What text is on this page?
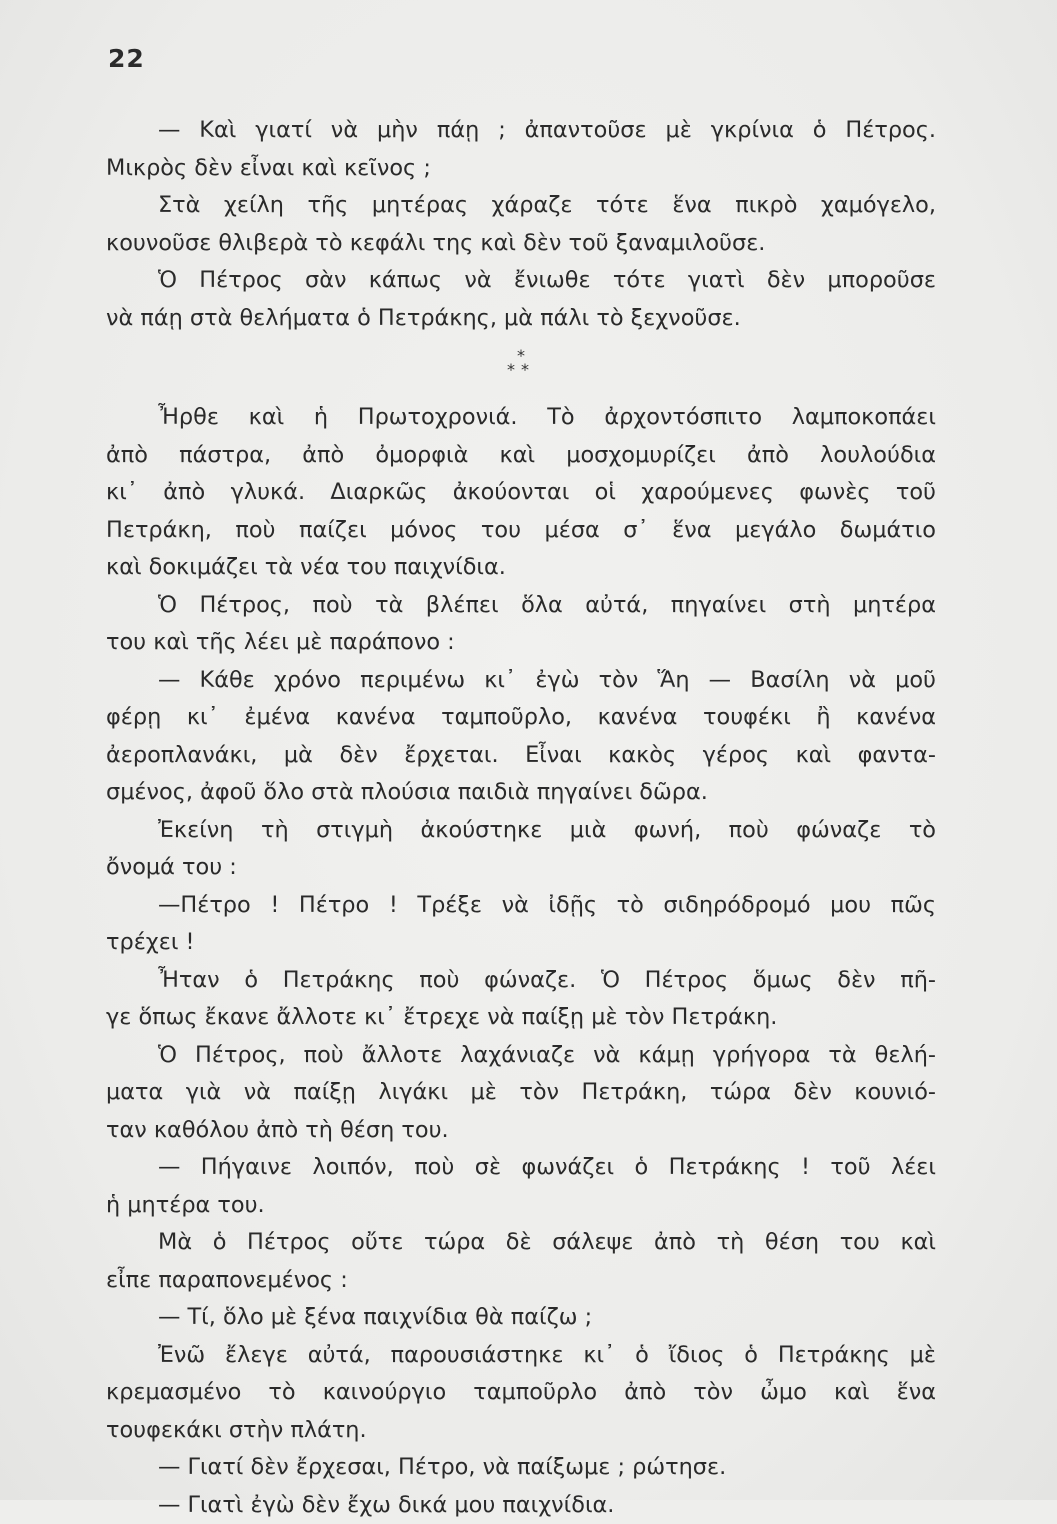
22
— Καὶ γιατί νὰ μὴν πάῃ ; ἀπαντοῦσε μὲ γκρίνια ὁ Πέτρος.
Μικρὸς δὲν εἶναι καὶ κεῖνος ;
Στὰ χείλη τῆς μητέρας χάραζε τότε ἕνα πικρὸ χαμόγελο,
κουνοῦσε θλιβερὰ τὸ κεφάλι της καὶ δὲν τοῦ ξαναμιλοῦσε.
Ὁ Πέτρος σὰν κάπως νὰ ἔνιωθε τότε γιατὶ δὲν μποροῦσε
νὰ πάῃ στὰ θελήματα ὁ Πετράκης, μὰ πάλι τὸ ξεχνοῦσε.
*
**
Ἦρθε καὶ ἡ Πρωτοχρονιά. Τὸ ἀρχοντόσπιτο λαμποκοπάει
ἀπὸ πάστρα, ἀπὸ ὀμορφιὰ καὶ μοσχομυρίζει ἀπὸ λουλούδια
κι᾿ ἀπὸ γλυκά. Διαρκῶς ἀκούονται οἱ χαρούμενες φωνὲς τοῦ
Πετράκη, ποὺ παίζει μόνος του μέσα σ᾿ ἕνα μεγάλο δωμάτιο
καὶ δοκιμάζει τὰ νέα του παιχνίδια.
Ὁ Πέτρος, ποὺ τὰ βλέπει ὅλα αὐτά, πηγαίνει στὴ μητέρα
του καὶ τῆς λέει μὲ παράπονο :
— Κάθε χρόνο περιμένω κι᾿ ἐγὼ τὸν Ἅη — Βασίλη νὰ μοῦ
φέρῃ κι᾿ ἐμένα κανένα ταμποῦρλο, κανένα τουφέκι ἢ κανένα
ἀεροπλανάκι, μὰ δὲν ἔρχεται. Εἶναι κακὸς γέρος καὶ φαντα-
σμένος, ἀφοῦ ὅλο στὰ πλούσια παιδιὰ πηγαίνει δῶρα.
Ἐκείνη τὴ στιγμὴ ἀκούστηκε μιὰ φωνή, ποὺ φώναζε τὸ
ὄνομά του :
—Πέτρο ! Πέτρο ! Τρέξε νὰ ἰδῇς τὸ σιδηρόδρομό μου πῶς
τρέχει !
Ἦταν ὁ Πετράκης ποὺ φώναζε. Ὁ Πέτρος ὅμως δὲν πῆ-
γε ὅπως ἔκανε ἄλλοτε κι᾿ ἔτρεχε νὰ παίξῃ μὲ τὸν Πετράκη.
Ὁ Πέτρος, ποὺ ἄλλοτε λαχάνιαζε νὰ κάμῃ γρήγορα τὰ θελή-
ματα γιὰ νὰ παίξῃ λιγάκι μὲ τὸν Πετράκη, τώρα δὲν κουνιό-
ταν καθόλου ἀπὸ τὴ θέση του.
— Πήγαινε λοιπόν, ποὺ σὲ φωνάζει ὁ Πετράκης ! τοῦ λέει
ἡ μητέρα του.
Μὰ ὁ Πέτρος οὔτε τώρα δὲ σάλεψε ἀπὸ τὴ θέση του καὶ
εἶπε παραπονεμένος :
— Τί, ὅλο μὲ ξένα παιχνίδια θὰ παίζω ;
Ἐνῶ ἔλεγε αὐτά, παρουσιάστηκε κι᾿ ὁ ἴδιος ὁ Πετράκης μὲ
κρεμασμένο τὸ καινούργιο ταμποῦρλο ἀπὸ τὸν ὦμο καὶ ἕνα
τουφεκάκι στὴν πλάτη.
— Γιατί δὲν ἔρχεσαι, Πέτρο, νὰ παίξωμε ; ρώτησε.
— Γιατὶ ἐγὼ δὲν ἔχω δικά μου παιχνίδια.
